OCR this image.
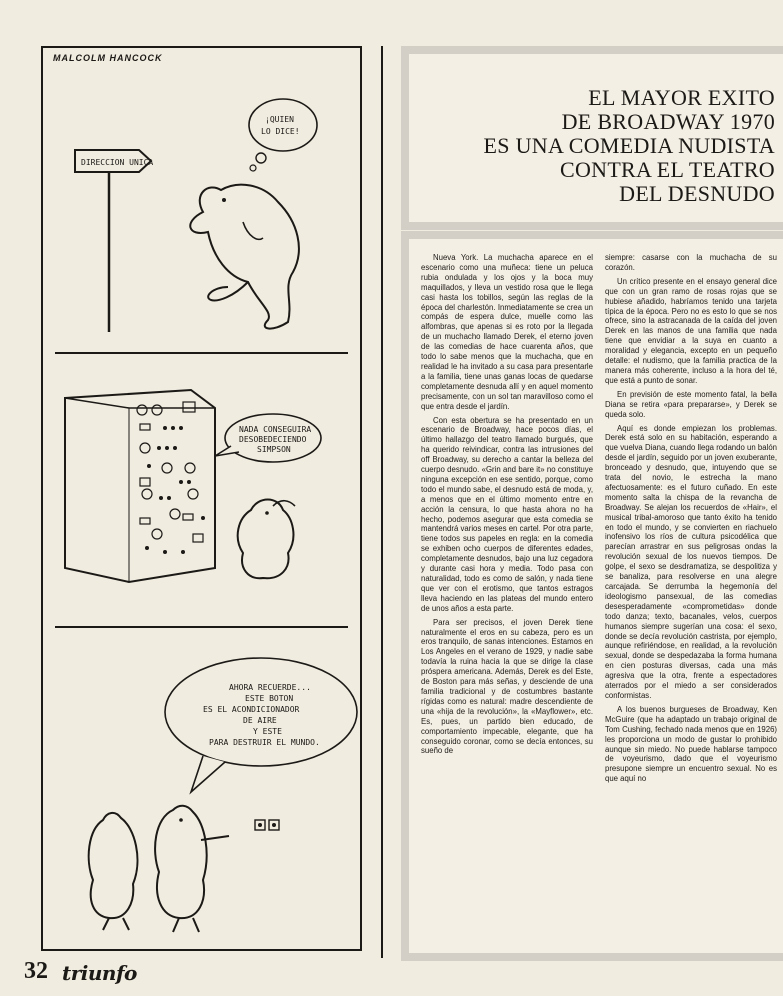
MALCOLM HANCOCK
DIRECCION UNICA
¡QUIEN
LO DICE!
NADA CONSEGUIRA
DESOBEDECIENDO
SIMPSON
AHORA RECUERDE...
ESTE BOTON
ES EL ACONDICIONADOR
DE AIRE
Y ESTE
PARA DESTRUIR EL MUNDO.
EL MAYOR EXITO
DE BROADWAY 1970
ES UNA COMEDIA NUDISTA
CONTRA EL TEATRO
DEL DESNUDO

Nueva York. La muchacha aparece en el escenario como una muñeca: tiene un peluca rubia ondulada y los ojos y la boca muy maquillados, y lleva un vestido rosa que le llega casi hasta los tobillos, según las reglas de la época del charlestón. Inmediatamente se crea un compás de espera dulce, muelle como las alfombras, que apenas si es roto por la llegada de un muchacho llamado Derek, el eterno joven de las comedias de hace cuarenta años, que todo lo sabe menos que la muchacha, que en realidad le ha invitado a su casa para presentarle a la familia, tiene unas ganas locas de quedarse completamente desnuda allí y en aquel momento precisamente, con un sol tan maravilloso como el que entra desde el jardín.

Con esta obertura se ha presentado en un escenario de Broadway, hace pocos días, el último hallazgo del teatro llamado burgués, que ha querido reivindicar, contra las intrusiones del off Broadway, su derecho a cantar la belleza del cuerpo desnudo. «Grin and bare it» no constituye ninguna excepción en ese sentido, porque, como todo el mundo sabe, el desnudo está de moda, y, a menos que en el último momento entre en acción la censura, lo que hasta ahora no ha hecho, podemos asegurar que esta comedia se mantendrá varios meses en cartel. Por otra parte, tiene todos sus papeles en regla: en la comedia se exhiben ocho cuerpos de diferentes edades, completamente desnudos, bajo una luz cegadora y durante casi hora y media. Todo pasa con naturalidad, todo es como de salón, y nada tiene que ver con el erotismo, que tantos estragos lleva haciendo en las plateas del mundo entero de unos años a esta parte.

Para ser precisos, el joven Derek tiene naturalmente el eros en su cabeza, pero es un eros tranquilo, de sanas intenciones. Estamos en Los Angeles en el verano de 1929, y nadie sabe todavía la ruina hacia la que se dirige la clase próspera americana. Además, Derek es del Este, de Boston para más señas, y desciende de una familia tradicional y de costumbres bastante rígidas como es natural: madre descendiente de una «hija de la revolución», la «Mayflower», etc. Es, pues, un partido bien educado, de comportamiento impecable, elegante, que ha conseguido coronar, como se decía entonces, su sueño de

siempre: casarse con la muchacha de su corazón.

Un crítico presente en el ensayo general dice que con un gran ramo de rosas rojas que se hubiese añadido, habríamos tenido una tarjeta típica de la época. Pero no es esto lo que se nos ofrece, sino la astracanada de la caída del joven Derek en las manos de una familia que nada tiene que envidiar a la suya en cuanto a moralidad y elegancia, excepto en un pequeño detalle: el nudismo, que la familia practica de la manera más coherente, incluso a la hora del té, que está a punto de sonar.

En previsión de este momento fatal, la bella Diana se retira «para prepararse», y Derek se queda solo.

Aquí es donde empiezan los problemas. Derek está solo en su habitación, esperando a que vuelva Diana, cuando llega rodando un balón desde el jardín, seguido por un joven exuberante, bronceado y desnudo, que, intuyendo que se trata del novio, le estrecha la mano afectuosamente: es el futuro cuñado. En este momento salta la chispa de la revancha de Broadway. Se alejan los recuerdos de «Hair», el musical tribal-amoroso que tanto éxito ha tenido en todo el mundo, y se convierten en riachuelo inofensivo los ríos de cultura psicodélica que parecían arrastrar en sus peligrosas ondas la revolución sexual de los nuevos tiempos. De golpe, el sexo se desdramatiza, se despolitiza y se banaliza, para resolverse en una alegre carcajada. Se derrumba la hegemonía del ideologismo pansexual, de las comedias desesperadamente «comprometidas» donde todo danza; texto, bacanales, velos, cuerpos humanos siempre sugerían una cosa: el sexo, donde se decía revolución castrista, por ejemplo, aunque refiriéndose, en realidad, a la revolución sexual, donde se despedazaba la forma humana en cien posturas diversas, cada una más agresiva que la otra, frente a espectadores aterrados por el miedo a ser considerados conformistas.

A los buenos burgueses de Broadway, Ken McGuire (que ha adaptado un trabajo original de Tom Cushing, fechado nada menos que en 1926) les proporciona un modo de gustar lo prohibido aunque sin miedo. No puede hablarse tampoco de voyeurismo, dado que el voyeurismo presupone siempre un encuentro sexual. No es que aquí no

32 triunfo
